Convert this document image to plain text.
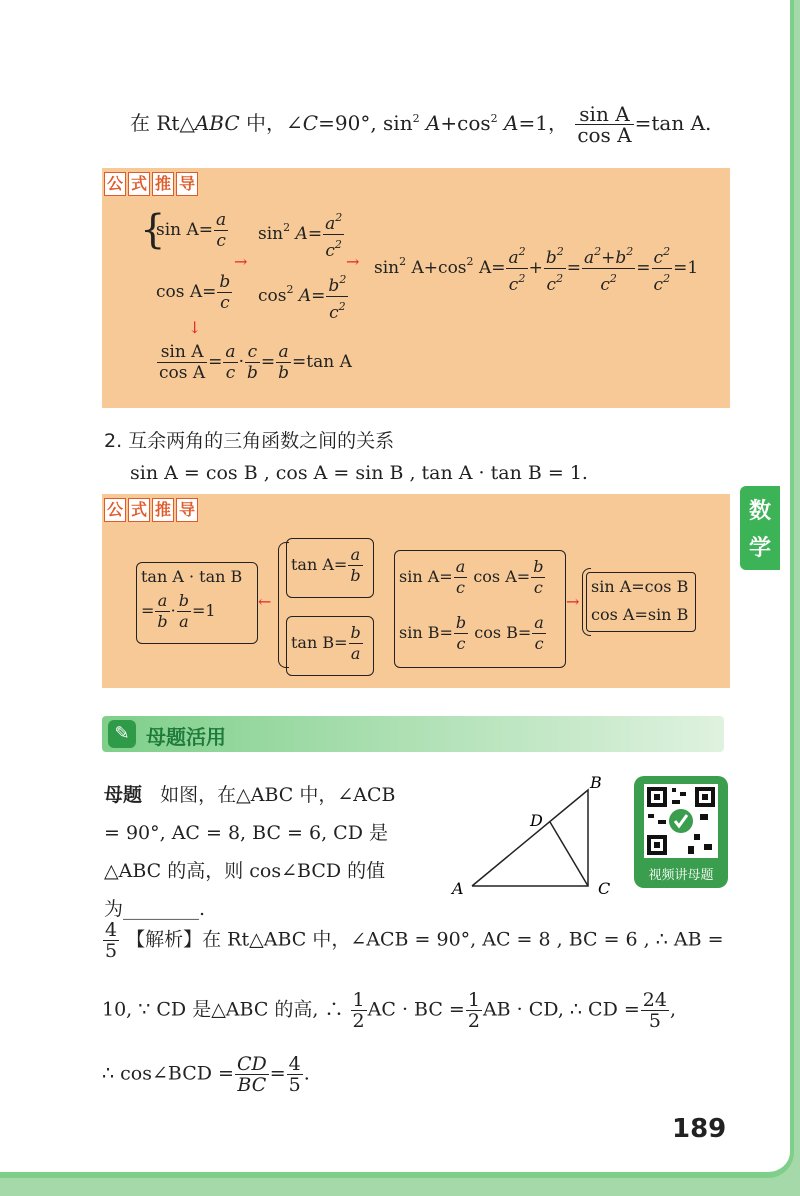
在 Rt△ABC 中，∠C=90°, $\sin^2 A+\cos^2$ A=1， $\frac{\text{sin A}}{\text{cos A}} =\tan$ A.
公 式 推 导
{
$\sin A= \frac{a}{c}$
$\cos A= \frac{b}{c}$
→
$\sin^2 A= \frac{a^2}{c^2}$
$\cos^2 A= \frac{b^2}{c^2}$
→ $\sin^2 A+\cos^2$ $A= \frac{a^2}{c^2} + \frac{b^2}{c^2} = \frac{a^2+b^2}{c^2} = \frac{c^2}{c^2} =1$
↓
$\frac{\text{sin A}}{\text{cos A}} = \frac{a}{c} \cdot \frac{c}{b} = \frac{a}{b} =\tan$ A
2. 互余两角的三角函数之间的关系
sin A = cos B , cos A = sin B , tan A · tan B = 1.
公 式 推 导
tan A · tan B
= $\frac{a}{b} \cdot \frac{b}{a} =1$	←
$\tan A= \frac{a}{b}$
$\tan B= \frac{b}{a}$
$\sin A= \frac{a}{c}$ $\cos A= \frac{b}{c}$
$\sin B= \frac{b}{c}$ $\cos B= \frac{a}{c}$
→
sin A=cos B
cos A=sin B
数
学
✎ 母题活用
母题 如图，在△ABC 中，∠ACB
= 90°, AC = 8, BC = 6, CD 是
△ABC 的高，则 cos∠BCD 的值
为________.
A
B
C
D
视频讲母题
$\frac{4}{5}$ 【解析】在 Rt△ABC 中，∠ACB = 90°, AC = 8 , BC = 6 , ∴ AB =
10, ∵ CD 是△ABC 的高, ∴ $\frac{1}{2}$ AC · BC = $\frac{1}{2}$ AB · CD, ∴ CD = $\frac{24}{5}$ ,
∴ cos∠BCD = $\frac{CD}{BC} = \frac{4}{5}$ .
189
